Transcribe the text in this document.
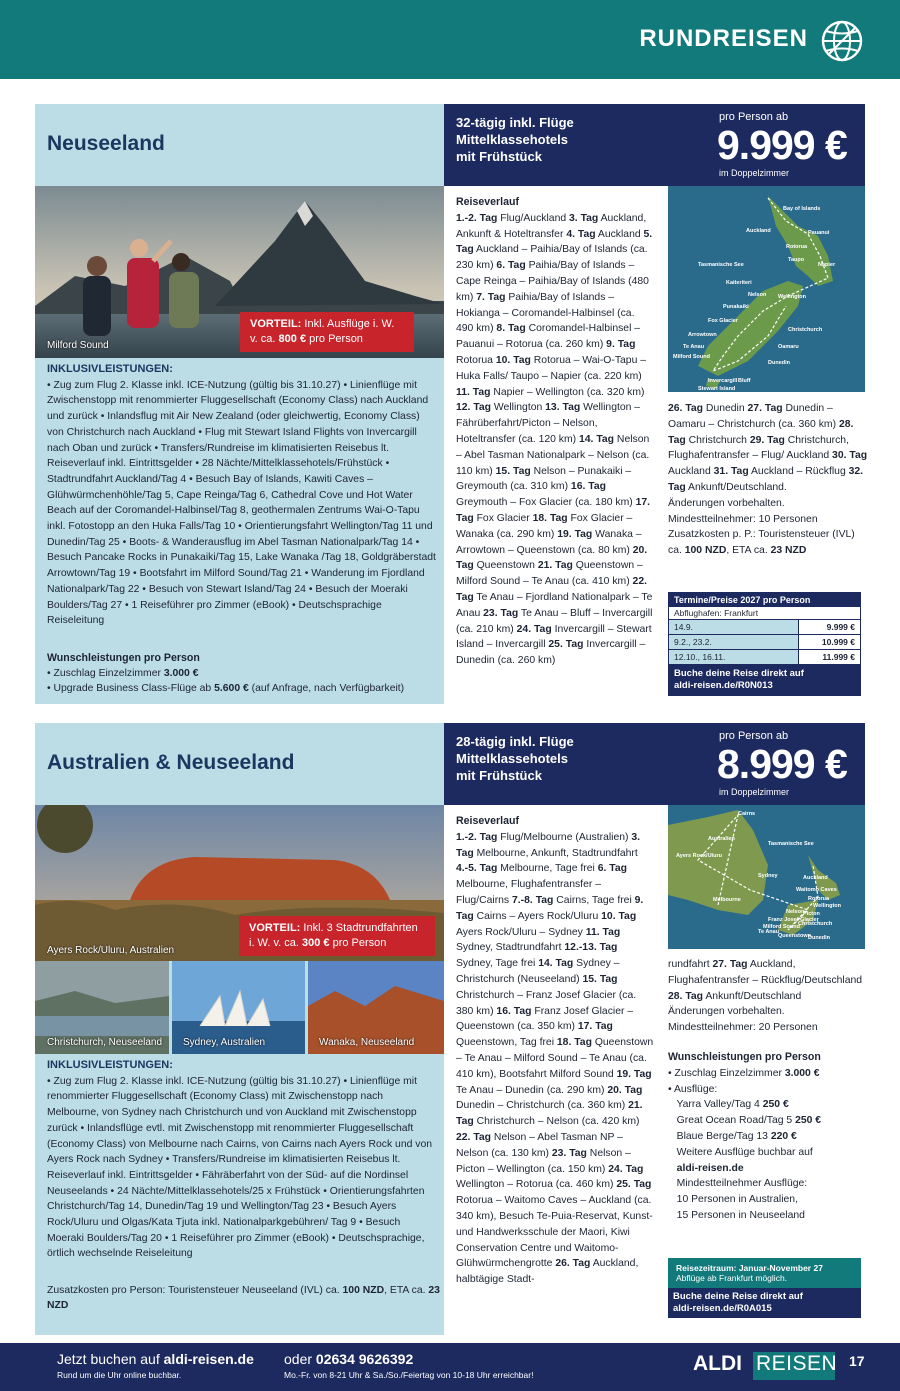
RUNDREISEN
Neuseeland
32-tägig inkl. Flüge
Mittelklassehotels
mit Frühstück
pro Person ab
9.999 €
im Doppelzimmer
Milford Sound
VORTEIL: Inkl. Ausflüge i. W. v. ca. 800 € pro Person
INKLUSIVLEISTUNGEN:

• Zug zum Flug 2. Klasse inkl. ICE-Nutzung (gültig bis 31.10.27) • Linienflüge mit Zwischenstopp mit renommierter Fluggesellschaft (Economy Class) nach Auckland und zurück • Inlandsflug mit Air New Zealand (oder gleichwertig, Economy Class) von Christchurch nach Auckland • Flug mit Stewart Island Flights von Invercargill nach Oban und zurück • Transfers/Rundreise im klimatisierten Reisebus lt. Reiseverlauf inkl. Eintrittsgelder • 28 Nächte/Mittelklassehotels/Frühstück • Stadtrundfahrt Auckland/Tag 4 • Besuch Bay of Islands, Kawiti Caves – Glühwürmchenhöhle/Tag 5, Cape Reinga/Tag 6, Cathedral Cove und Hot Water Beach auf der Coromandel-Halbinsel/Tag 8, geothermalen Zentrums Wai-O-Tapu inkl. Fotostopp an den Huka Falls/Tag 10 • Orientierungsfahrt Wellington/Tag 11 und Dunedin/Tag 25 • Boots- & Wanderausflug im Abel Tasman Nationalpark/Tag 14 • Besuch Pancake Rocks in Punakaiki/Tag 15, Lake Wanaka /Tag 18, Goldgräberstadt Arrowtown/Tag 19 • Bootsfahrt im Milford Sound/Tag 21 • Wanderung im Fjordland Nationalpark/Tag 22 • Besuch von Stewart Island/Tag 24 • Besuch der Moeraki Boulders/Tag 27 • 1 Reiseführer pro Zimmer (eBook) • Deutschsprachige Reiseleitung

Wunschleistungen pro Person
• Zuschlag Einzelzimmer 3.000 €
• Upgrade Business Class-Flüge ab 5.600 € (auf Anfrage, nach Verfügbarkeit)
Reiseverlauf

1.-2. Tag Flug/Auckland 3. Tag Auckland, Ankunft & Hoteltransfer 4. Tag Auckland 5. Tag Auckland – Paihia/Bay of Islands (ca. 230 km) 6. Tag Paihia/Bay of Islands – Cape Reinga – Paihia/Bay of Islands (480 km) 7. Tag Paihia/Bay of Islands – Hokianga – Coromandel-Halbinsel (ca. 490 km) 8. Tag Coromandel-Halbinsel – Pauanui – Rotorua (ca. 260 km) 9. Tag Rotorua 10. Tag Rotorua – Wai-O-Tapu – Huka Falls/ Taupo – Napier (ca. 220 km) 11. Tag Napier – Wellington (ca. 320 km) 12. Tag Wellington 13. Tag Wellington – Fährüberfahrt/Picton – Nelson, Hoteltransfer (ca. 120 km) 14. Tag Nelson – Abel Tasman Nationalpark – Nelson (ca. 110 km) 15. Tag Nelson – Punakaiki – Greymouth (ca. 310 km) 16. Tag Greymouth – Fox Glacier (ca. 180 km) 17. Tag Fox Glacier 18. Tag Fox Glacier – Wanaka (ca. 290 km) 19. Tag Wanaka – Arrowtown – Queenstown (ca. 80 km) 20. Tag Queenstown 21. Tag Queenstown – Milford Sound – Te Anau (ca. 410 km) 22. Tag Te Anau – Fjordland Nationalpark – Te Anau 23. Tag Te Anau – Bluff – Invercargill (ca. 210 km) 24. Tag Invercargill – Stewart Island – Invercargill 25. Tag Invercargill – Dunedin (ca. 260 km)

Bay of Islands
Auckland	Pauanui
Rotorua
Taupo
Napier
Tasmanische See
Kaiteriteri
Nelson Wellington
Punakaiki
Fox Glacier
Christchurch
Arrowtown
Te Anau	Oamaru
Dunedin
Milford Sound
Invercargill Bluff
Stewart Island

26. Tag Dunedin 27. Tag Dunedin – Oamaru – Christchurch (ca. 360 km) 28. Tag Christchurch 29. Tag Christchurch, Flughafentransfer – Flug/ Auckland 30. Tag Auckland 31. Tag Auckland – Rückflug 32. Tag Ankunft/Deutschland.

Änderungen vorbehalten.
Mindestteilnehmer: 10 Personen
Zusatzkosten p. P.: Touristensteuer (IVL) ca. 100 NZD, ETA ca. 23 NZD

Termine/Preise 2027 pro Person
Abflughafen: Frankfurt
14.9.	9.999 €
9.2., 23.2.	10.999 €
12.10., 16.11.	11.999 €
Buche deine Reise direkt auf
aldi-reisen.de/R0N013
Australien & Neuseeland
28-tägig inkl. Flüge
Mittelklassehotels
mit Frühstück
pro Person ab
8.999 €
im Doppelzimmer
Ayers Rock/Uluru, Australien
VORTEIL: Inkl. 3 Stadtrundfahrten i. W. v. ca. 300 € pro Person
Christchurch, Neuseeland Sydney, Australien	Wanaka, Neuseeland
INKLUSIVLEISTUNGEN:

• Zug zum Flug 2. Klasse inkl. ICE-Nutzung (gültig bis 31.10.27) • Linienflüge mit renommierter Fluggesellschaft (Economy Class) mit Zwischenstopp nach Melbourne, von Sydney nach Christchurch und von Auckland mit Zwischenstopp zurück • Inlandsflüge evtl. mit Zwischenstopp mit renommierter Fluggesellschaft (Economy Class) von Melbourne nach Cairns, von Cairns nach Ayers Rock und von Ayers Rock nach Sydney • Transfers/Rundreise im klimatisierten Reisebus lt. Reiseverlauf inkl. Eintrittsgelder • Fähräberfahrt von der Süd- auf die Nordinsel Neuseelands • 24 Nächte/Mittelklassehotels/25 x Frühstück • Orientierungsfahrten Christchurch/Tag 14, Dunedin/Tag 19 und Wellington/Tag 23 • Besuch Ayers Rock/Uluru und Olgas/Kata Tjuta inkl. Nationalparkgebühren/ Tag 9 • Besuch Moeraki Boulders/Tag 20 • 1 Reiseführer pro Zimmer (eBook) • Deutschsprachige, örtlich wechselnde Reiseleitung

Zusatzkosten pro Person: Touristensteuer Neuseeland (IVL) ca. 100 NZD, ETA ca. 23 NZD
Reiseverlauf

1.-2. Tag Flug/Melbourne (Australien) 3. Tag Melbourne, Ankunft, Stadtrundfahrt 4.-5. Tag Melbourne, Tage frei 6. Tag Melbourne, Flughafentransfer – Flug/Cairns 7.-8. Tag Cairns, Tage frei 9. Tag Cairns – Ayers Rock/Uluru 10. Tag Ayers Rock/Uluru – Sydney 11. Tag Sydney, Stadtrundfahrt 12.-13. Tag Sydney, Tage frei 14. Tag Sydney – Christchurch (Neuseeland) 15. Tag Christchurch – Franz Josef Glacier (ca. 380 km) 16. Tag Franz Josef Glacier – Queenstown (ca. 350 km) 17. Tag Queenstown, Tag frei 18. Tag Queenstown – Te Anau – Milford Sound – Te Anau (ca. 410 km), Bootsfahrt Milford Sound 19. Tag Te Anau – Dunedin (ca. 290 km) 20. Tag Dunedin – Christchurch (ca. 360 km) 21. Tag Christchurch – Nelson (ca. 420 km) 22. Tag Nelson – Abel Tasman NP – Nelson (ca. 130 km) 23. Tag Nelson – Picton – Wellington (ca. 150 km) 24. Tag Wellington – Rotorua (ca. 460 km) 25. Tag Rotorua – Waitomo Caves – Auckland (ca. 340 km), Besuch Te-Puia-Reservat, Kunst- und Handwerksschule der Maori, Kiwi Conservation Centre und Waitomo-Glühwürmchengrotte 26. Tag Auckland, halbtägige Stadt-

Cairns
Australien
Ayers Rock/Uluru
Tasmanische See
Sydney
Melbourne
Auckland
Waitomo Caves
Rotorua
Wellington
Picton
Nelson
Franz Josef Glacier
Milford Sound
Te Anau
Christchurch
Queenstown
Dunedin

rundfahrt 27. Tag Auckland, Flughafentransfer – Rückflug/Deutschland 28. Tag Ankunft/Deutschland

Änderungen vorbehalten.
Mindestteilnehmer: 20 Personen

Wunschleistungen pro Person
• Zuschlag Einzelzimmer 3.000 €
• Ausflüge:
Yarra Valley/Tag 4 250 €
Great Ocean Road/Tag 5 250 €
Blaue Berge/Tag 13 220 €
Weitere Ausflüge buchbar auf
aldi-reisen.de
Mindestteilnehmer Ausflüge:
10 Personen in Australien,
15 Personen in Neuseeland
Reisezeitraum: Januar-November 27
Abflüge ab Frankfurt möglich.
Buche deine Reise direkt auf
aldi-reisen.de/R0A015
Jetzt buchen auf aldi-reisen.de
Rund um die Uhr online buchbar.
oder 02634 9626392
Mo.-Fr. von 8-21 Uhr & Sa./So./Feiertag von 10-18 Uhr erreichbar!	ALDI REISEN 17
